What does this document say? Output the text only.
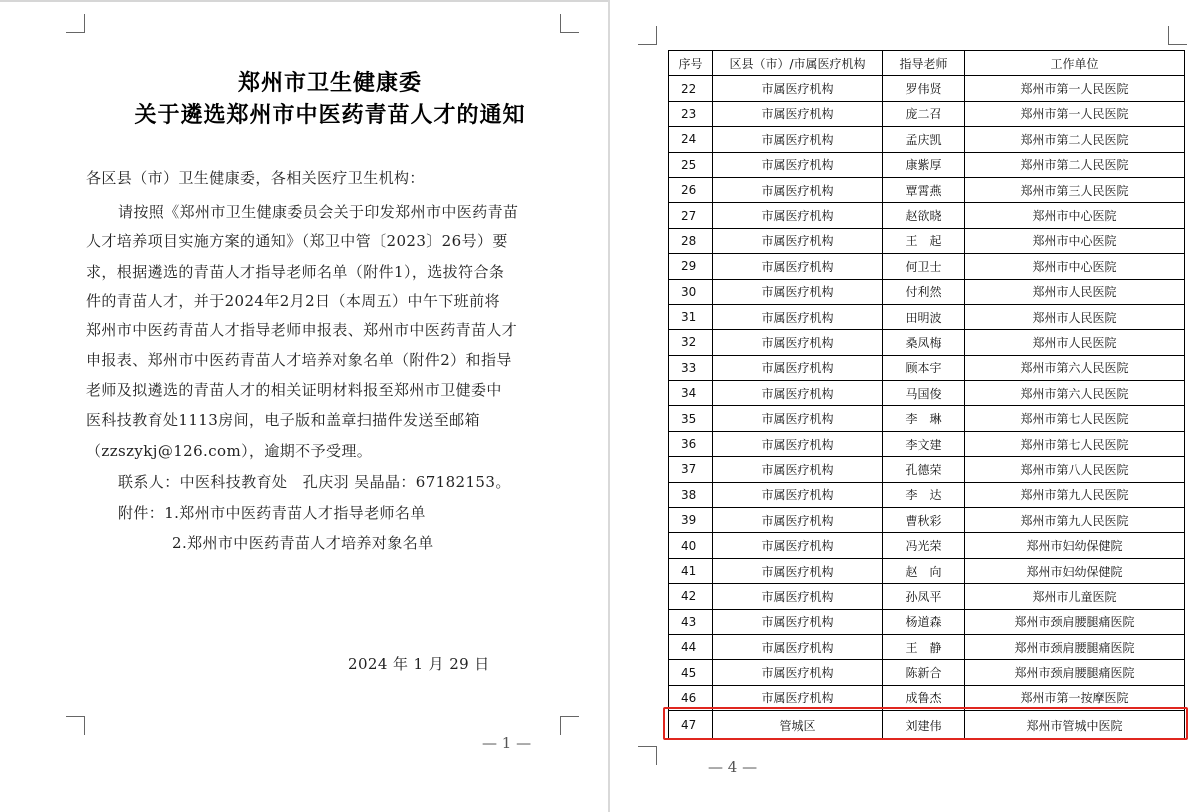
郑州市卫生健康委
关于遴选郑州市中医药青苗人才的通知
各区县（市）卫生健康委，各相关医疗卫生机构：
请按照《郑州市卫生健康委员会关于印发郑州市中医药青苗
人才培养项目实施方案的通知》（郑卫中管〔2023〕26号）要
求，根据遴选的青苗人才指导老师名单（附件1），选拔符合条
件的青苗人才，并于2024年2月2日（本周五）中午下班前将
郑州市中医药青苗人才指导老师申报表、郑州市中医药青苗人才
申报表、郑州市中医药青苗人才培养对象名单（附件2）和指导
老师及拟遴选的青苗人才的相关证明材料报至郑州市卫健委中
医科技教育处1113房间，电子版和盖章扫描件发送至邮箱
（zzszykj@126.com），逾期不予受理。
联系人：中医科技教育处　孔庆羽 吴晶晶：67182153。
附件：1.郑州市中医药青苗人才指导老师名单
2.郑州市中医药青苗人才培养对象名单
2024 年 1 月 29 日
— 1 —
序号	区县（市）/市属医疗机构	指导老师	工作单位
22	市属医疗机构	罗伟贤	郑州市第一人民医院
23	市属医疗机构	庞二召	郑州市第一人民医院
24	市属医疗机构	孟庆凯	郑州市第二人民医院
25	市属医疗机构	康紫厚	郑州市第二人民医院
26	市属医疗机构	覃霄燕	郑州市第三人民医院
27	市属医疗机构	赵欲晓	郑州市中心医院
28	市属医疗机构	王　起	郑州市中心医院
29	市属医疗机构	何卫士	郑州市中心医院
30	市属医疗机构	付利然	郑州市人民医院
31	市属医疗机构	田明波	郑州市人民医院
32	市属医疗机构	桑凤梅	郑州市人民医院
33	市属医疗机构	顾本宇	郑州市第六人民医院
34	市属医疗机构	马国俊	郑州市第六人民医院
35	市属医疗机构	李　琳	郑州市第七人民医院
36	市属医疗机构	李文建	郑州市第七人民医院
37	市属医疗机构	孔德荣	郑州市第八人民医院
38	市属医疗机构	李　达	郑州市第九人民医院
39	市属医疗机构	曹秋彩	郑州市第九人民医院
40	市属医疗机构	冯光荣	郑州市妇幼保健院
41	市属医疗机构	赵　向	郑州市妇幼保健院
42	市属医疗机构	孙凤平	郑州市儿童医院
43	市属医疗机构	杨道森	郑州市颈肩腰腿痛医院
44	市属医疗机构	王　静	郑州市颈肩腰腿痛医院
45	市属医疗机构	陈新合	郑州市颈肩腰腿痛医院
46	市属医疗机构	成鲁杰	郑州市第一按摩医院
47	管城区	刘建伟	郑州市管城中医院
— 4 —
